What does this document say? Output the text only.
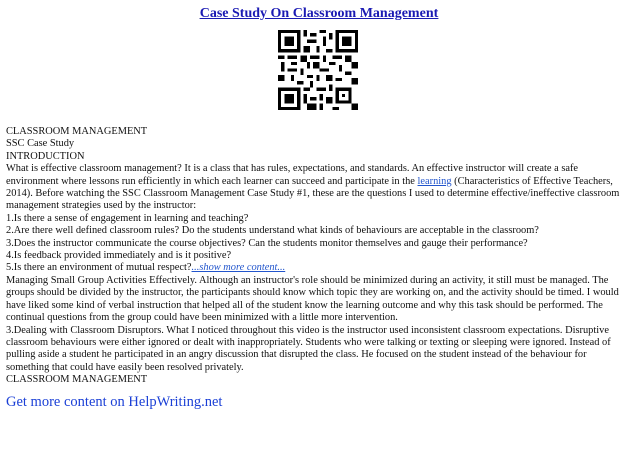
Case Study On Classroom Management

CLASSROOM MANAGEMENT

SSC Case Study

INTRODUCTION

What is effective classroom management? It is a class that has rules, expectations, and standards. An effective instructor will create a safe environment where lessons run efficiently in which each learner can succeed and participate in the learning (Characteristics of Effective Teachers, 2014). Before watching the SSC Classroom Management Case Study #1, these are the questions I used to determine effective/ineffective classroom management strategies used by the instructor:

1.Is there a sense of engagement in learning and teaching?

2.Are there well defined classroom rules? Do the students understand what kinds of behaviours are acceptable in the classroom?

3.Does the instructor communicate the course objectives? Can the students monitor themselves and gauge their performance?

4.Is feedback provided immediately and is it positive?

5.Is there an environment of mutual respect?...show more content...

Managing Small Group Activities Effectively. Although an instructor's role should be minimized during an activity, it still must be managed. The groups should be divided by the instructor, the participants should know which topic they are working on, and the activity should be timed. I would have liked some kind of verbal instruction that helped all of the student know the learning outcome and why this task should be performed. The continual questions from the group could have been minimized with a little more intervention.

3.Dealing with Classroom Disruptors. What I noticed throughout this video is the instructor used inconsistent classroom expectations. Disruptive classroom behaviours were either ignored or dealt with inappropriately. Students who were talking or texting or sleeping were ignored. Instead of pulling aside a student he participated in an angry discussion that disrupted the class. He focused on the student instead of the behaviour for something that could have easily been resolved privately.

CLASSROOM MANAGEMENT

Get more content on HelpWriting.net
